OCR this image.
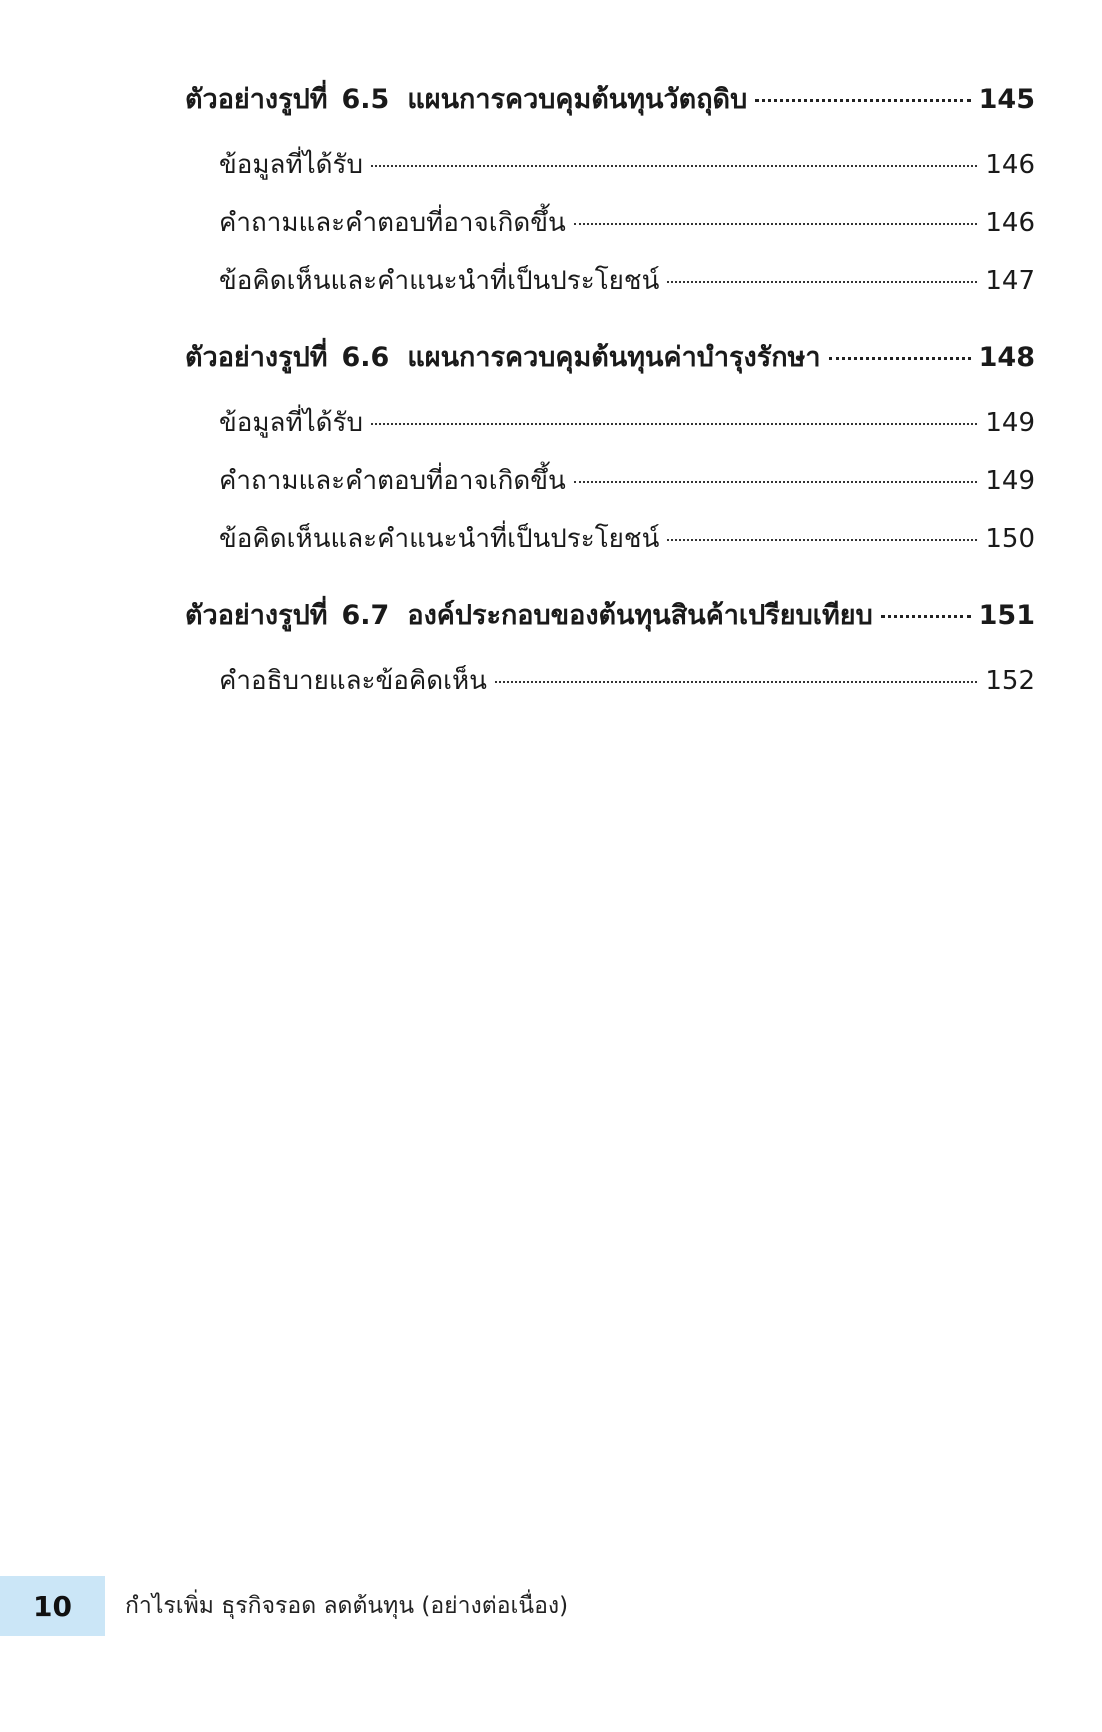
ตัวอย่างรูปที่ 6.5 แผนการควบคุมต้นทุนวัตถุดิบ	145
ข้อมูลที่ได้รับ	146
คำถามและคำตอบที่อาจเกิดขึ้น	146
ข้อคิดเห็นและคำแนะนำที่เป็นประโยชน์	147
ตัวอย่างรูปที่ 6.6 แผนการควบคุมต้นทุนค่าบำรุงรักษา	148
ข้อมูลที่ได้รับ	149
คำถามและคำตอบที่อาจเกิดขึ้น	149
ข้อคิดเห็นและคำแนะนำที่เป็นประโยชน์	150
ตัวอย่างรูปที่ 6.7 องค์ประกอบของต้นทุนสินค้าเปรียบเทียบ	151
คำอธิบายและข้อคิดเห็น	152
10	กำไรเพิ่ม ธุรกิจรอด ลดต้นทุน (อย่างต่อเนื่อง)
